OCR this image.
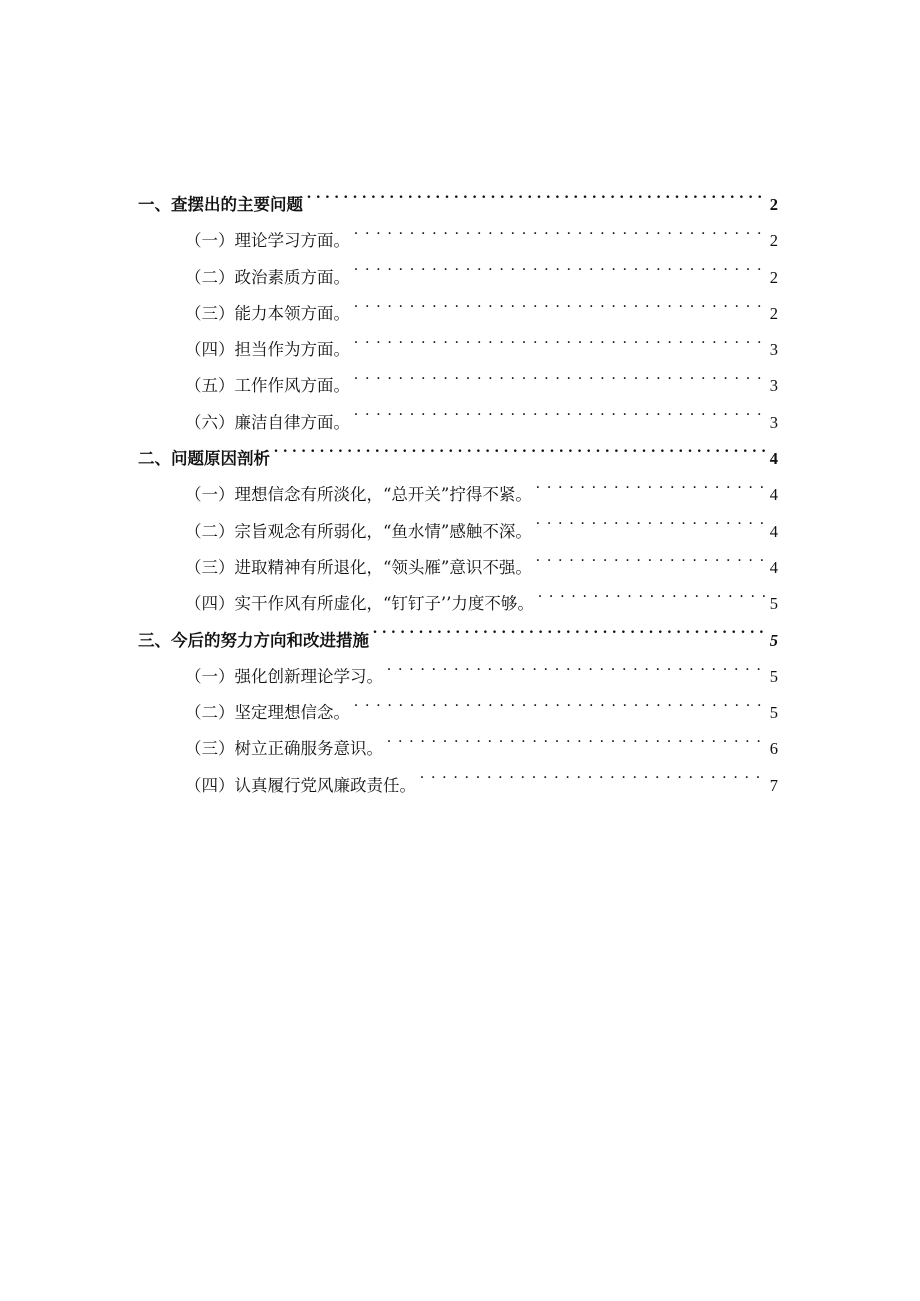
一、查摆出的主要问题 . . .	2
（一）理论学习方面。 . . .	2
（二）政治素质方面。 . . .	2
（三）能力本领方面。 . . .	2
（四）担当作为方面。 . . .	3
（五）工作作风方面。 . . .	3
（六）廉洁自律方面。 . . .	3
二、问题原因剖析 . . .	4
（一）理想信念有所淡化，“总开关”拧得不紧。 . . .	4
（二）宗旨观念有所弱化，“鱼水情”感触不深。 . . .	4
（三）进取精神有所退化，“领头雁”意识不强。 . . .	4
（四）实干作风有所虚化，“钉钉子’’力度不够。 . . .	5
三、今后的努力方向和改进措施 . . .	5
（一）强化创新理论学习。 . . .	5
（二）坚定理想信念。 . . .	5
（三）树立正确服务意识。 . . .	6
（四）认真履行党风廉政责任。 . . .	7
